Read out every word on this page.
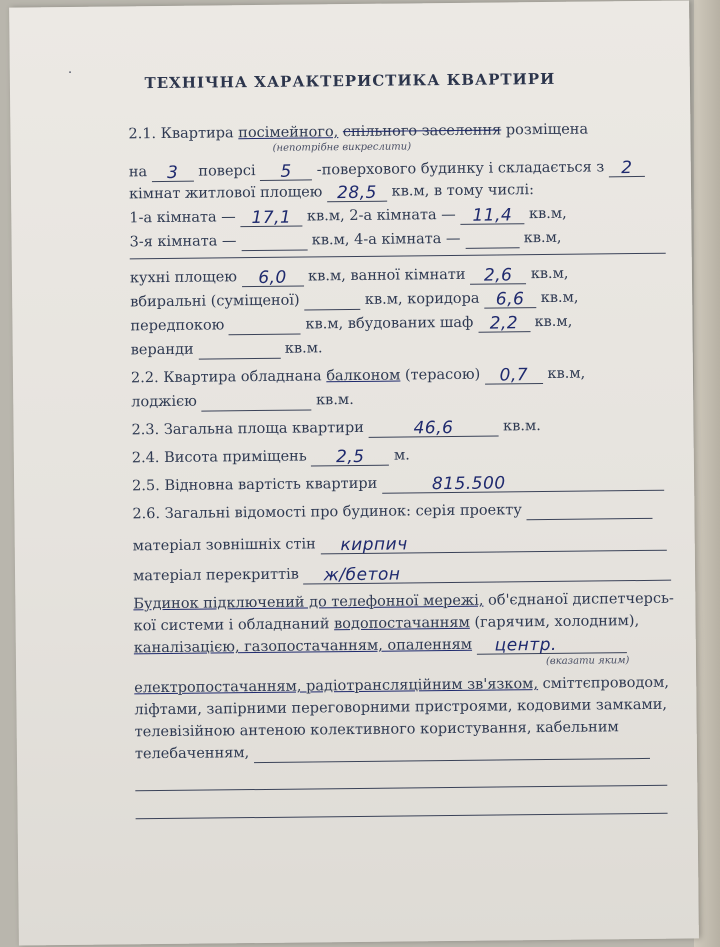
·	ТЕХНІЧНА ХАРАКТЕРИСТИКА КВАРТИРИ
2.1. Квартира посімейного, спільного заселення розміщена
(непотрібне викреслити)
на 3 поверсі 5 -поверхового будинку і складається з 2
кімнат житлової площею 28,5 кв.м, в тому числі:
1-а кімната — 17,1 кв.м, 2-а кімната — 11,4 кв.м,
3-я кімната —	кв.м, 4-а кімната —	кв.м,
кухні площею 6,0 кв.м, ванної кімнати 2,6 кв.м,
вбиральні (суміщеної)	кв.м, коридора 6,6 кв.м,
передпокою	кв.м, вбудованих шаф 2,2 кв.м,
веранди	кв.м.
2.2. Квартира обладнана балконом (терасою) 0,7 кв.м,
лоджією	кв.м.
2.3. Загальна площа квартири	46,6	кв.м.
2.4. Висота приміщень 2,5 м.
2.5. Відновна вартість квартири	815.500
2.6. Загальні відомості про будинок: серія проекту
матеріал зовнішніх стін кирпич
матеріал перекриттів ж/бетон
Будинок підключений до телефонної мережі, об'єднаної диспетчерсь-
кої системи і обладнаний водопостачанням (гарячим, холодним),
каналізацією, газопостачанням, опаленням центр.
(вказати яким)
електропостачанням, радіотрансляційним зв'язком, сміттєпроводом,
ліфтами, запірними переговорними пристроями, кодовими замками,
телевізійною антеною колективного користування, кабельним
телебаченням,
